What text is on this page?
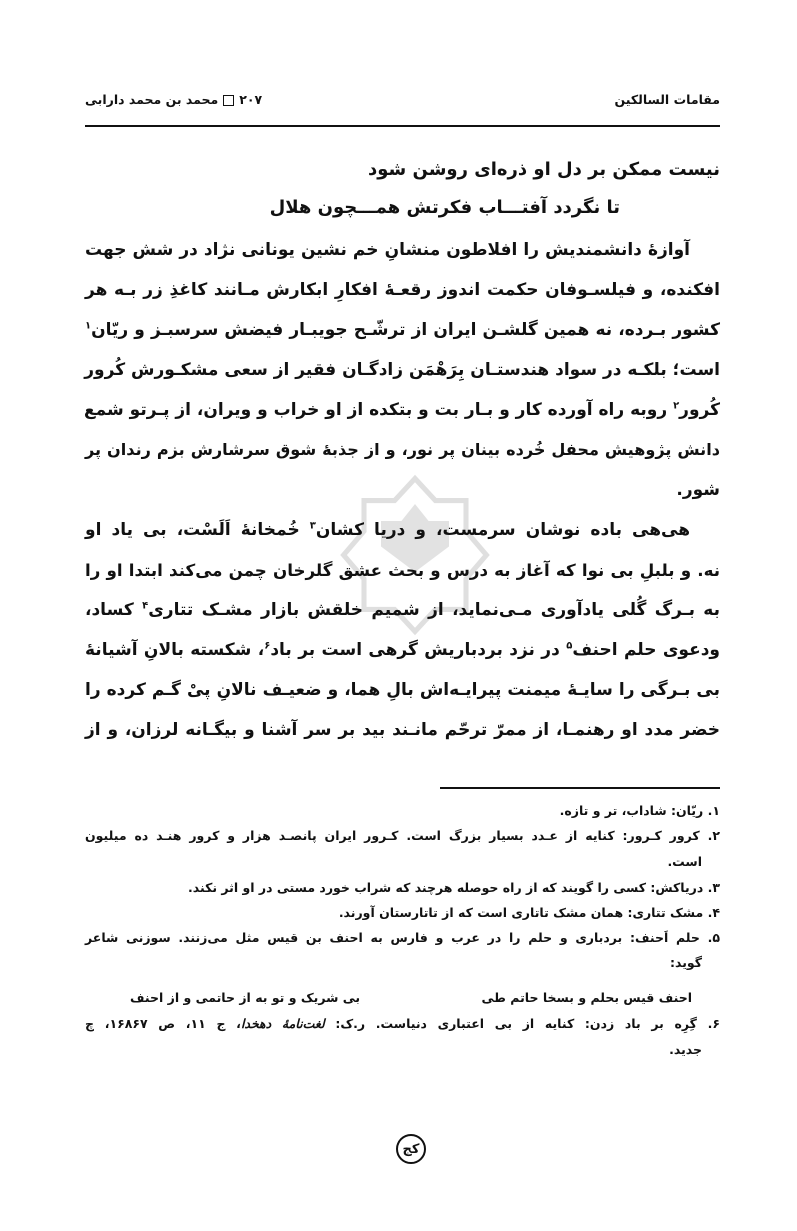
مقامات السالکین
۲۰۷محمد بن محمد دارابی
نیست ممکن بر دل او ذره‌ای روشن شود
تا نگردد آفتـــاب فکرتش همـــچون هلال
آوازهٔ دانشمندیش را افلاطون منشانِ خم نشین یونانی نژاد در شش جهت
افکنده، و فیلسـوفان حکمت اندوز رقعـهٔ افکارِ ابکارش مـانند کاغذِ زر بـه هر
کشور بـرده، نه همین گلشـن ایران از ترشّـح جویبـار فیضش سرسبـز و ریّان$^۱$
است؛ بلکـه در سواد هندستـان بِرَهْمَن زادگـان فقیر از سعی مشکـورش کُرور
کُرور$^۲$ روبه راه آورده کار و بـار بت و بتکده از او خراب و ویران، از پـرتو شمع
دانش پژوهیش محفل خُرده بینان پر نور، و از جذبهٔ شوق سرشارش بزم رندان پر
شور.
هی‌هی باده نوشان سرمست، و دریا کشان$^۳$ خُمخانهٔ اَلَسْت، بی یاد او
نه. و بلبلِ بی نوا که آغاز به درس و بحث عشق گلرخان چمن می‌کند ابتدا او را
به بـرگ گُلی یادآوری مـی‌نماید، از شمیم خلقش بازار مشـک تتاری$^۴$ کساد،
ودعوی حلم احنف$^۵$ در نزد بردباریش گرهی است بر باد$^۶$، شکسته بالانِ آشیانهٔ
بی بـرگی را سایـهٔ میمنت پیرایـه‌اش بالِ هما، و ضعیـف نالانِ پیْ گـم کرده را
خضر مدد او رهنمـا، از ممرّ ترحّم مانـند بید بر سر آشنا و بیگـانه لرزان، و از
۱. ریّان: شاداب، تر و تازه.
۲. کرور کـرور: کنایه از عـدد بسیار بزرگ است. کـرور ایران پانصـد هزار و کرور هنـد ده میلیون
است.
۳. دریاکش: کسی را گویند که از راه حوصله هرچند که شراب خورد مستی در او اثر نکند.
۴. مشک تتاری: همان مشک تاتاری است که از تاتارستان آورند.
۵. حلم اَحنف: بردباری و حلم را در عرب و فارس به احنف بن قیس مثل می‌زنند. سوزنی شاعر
گوید:
۶. گِرِه بر باد زدن: کنایه از بی اعتباری دنیاست. ر.ک: لغت‌نامهٔ دهخدا، ج ۱۱، ص ۱۶۸۶۷، چ
جدید.
احنف قیس بحلم و بسخا حاتم طی
بی شریک و تو به از حاتمی و از احنف
کج
